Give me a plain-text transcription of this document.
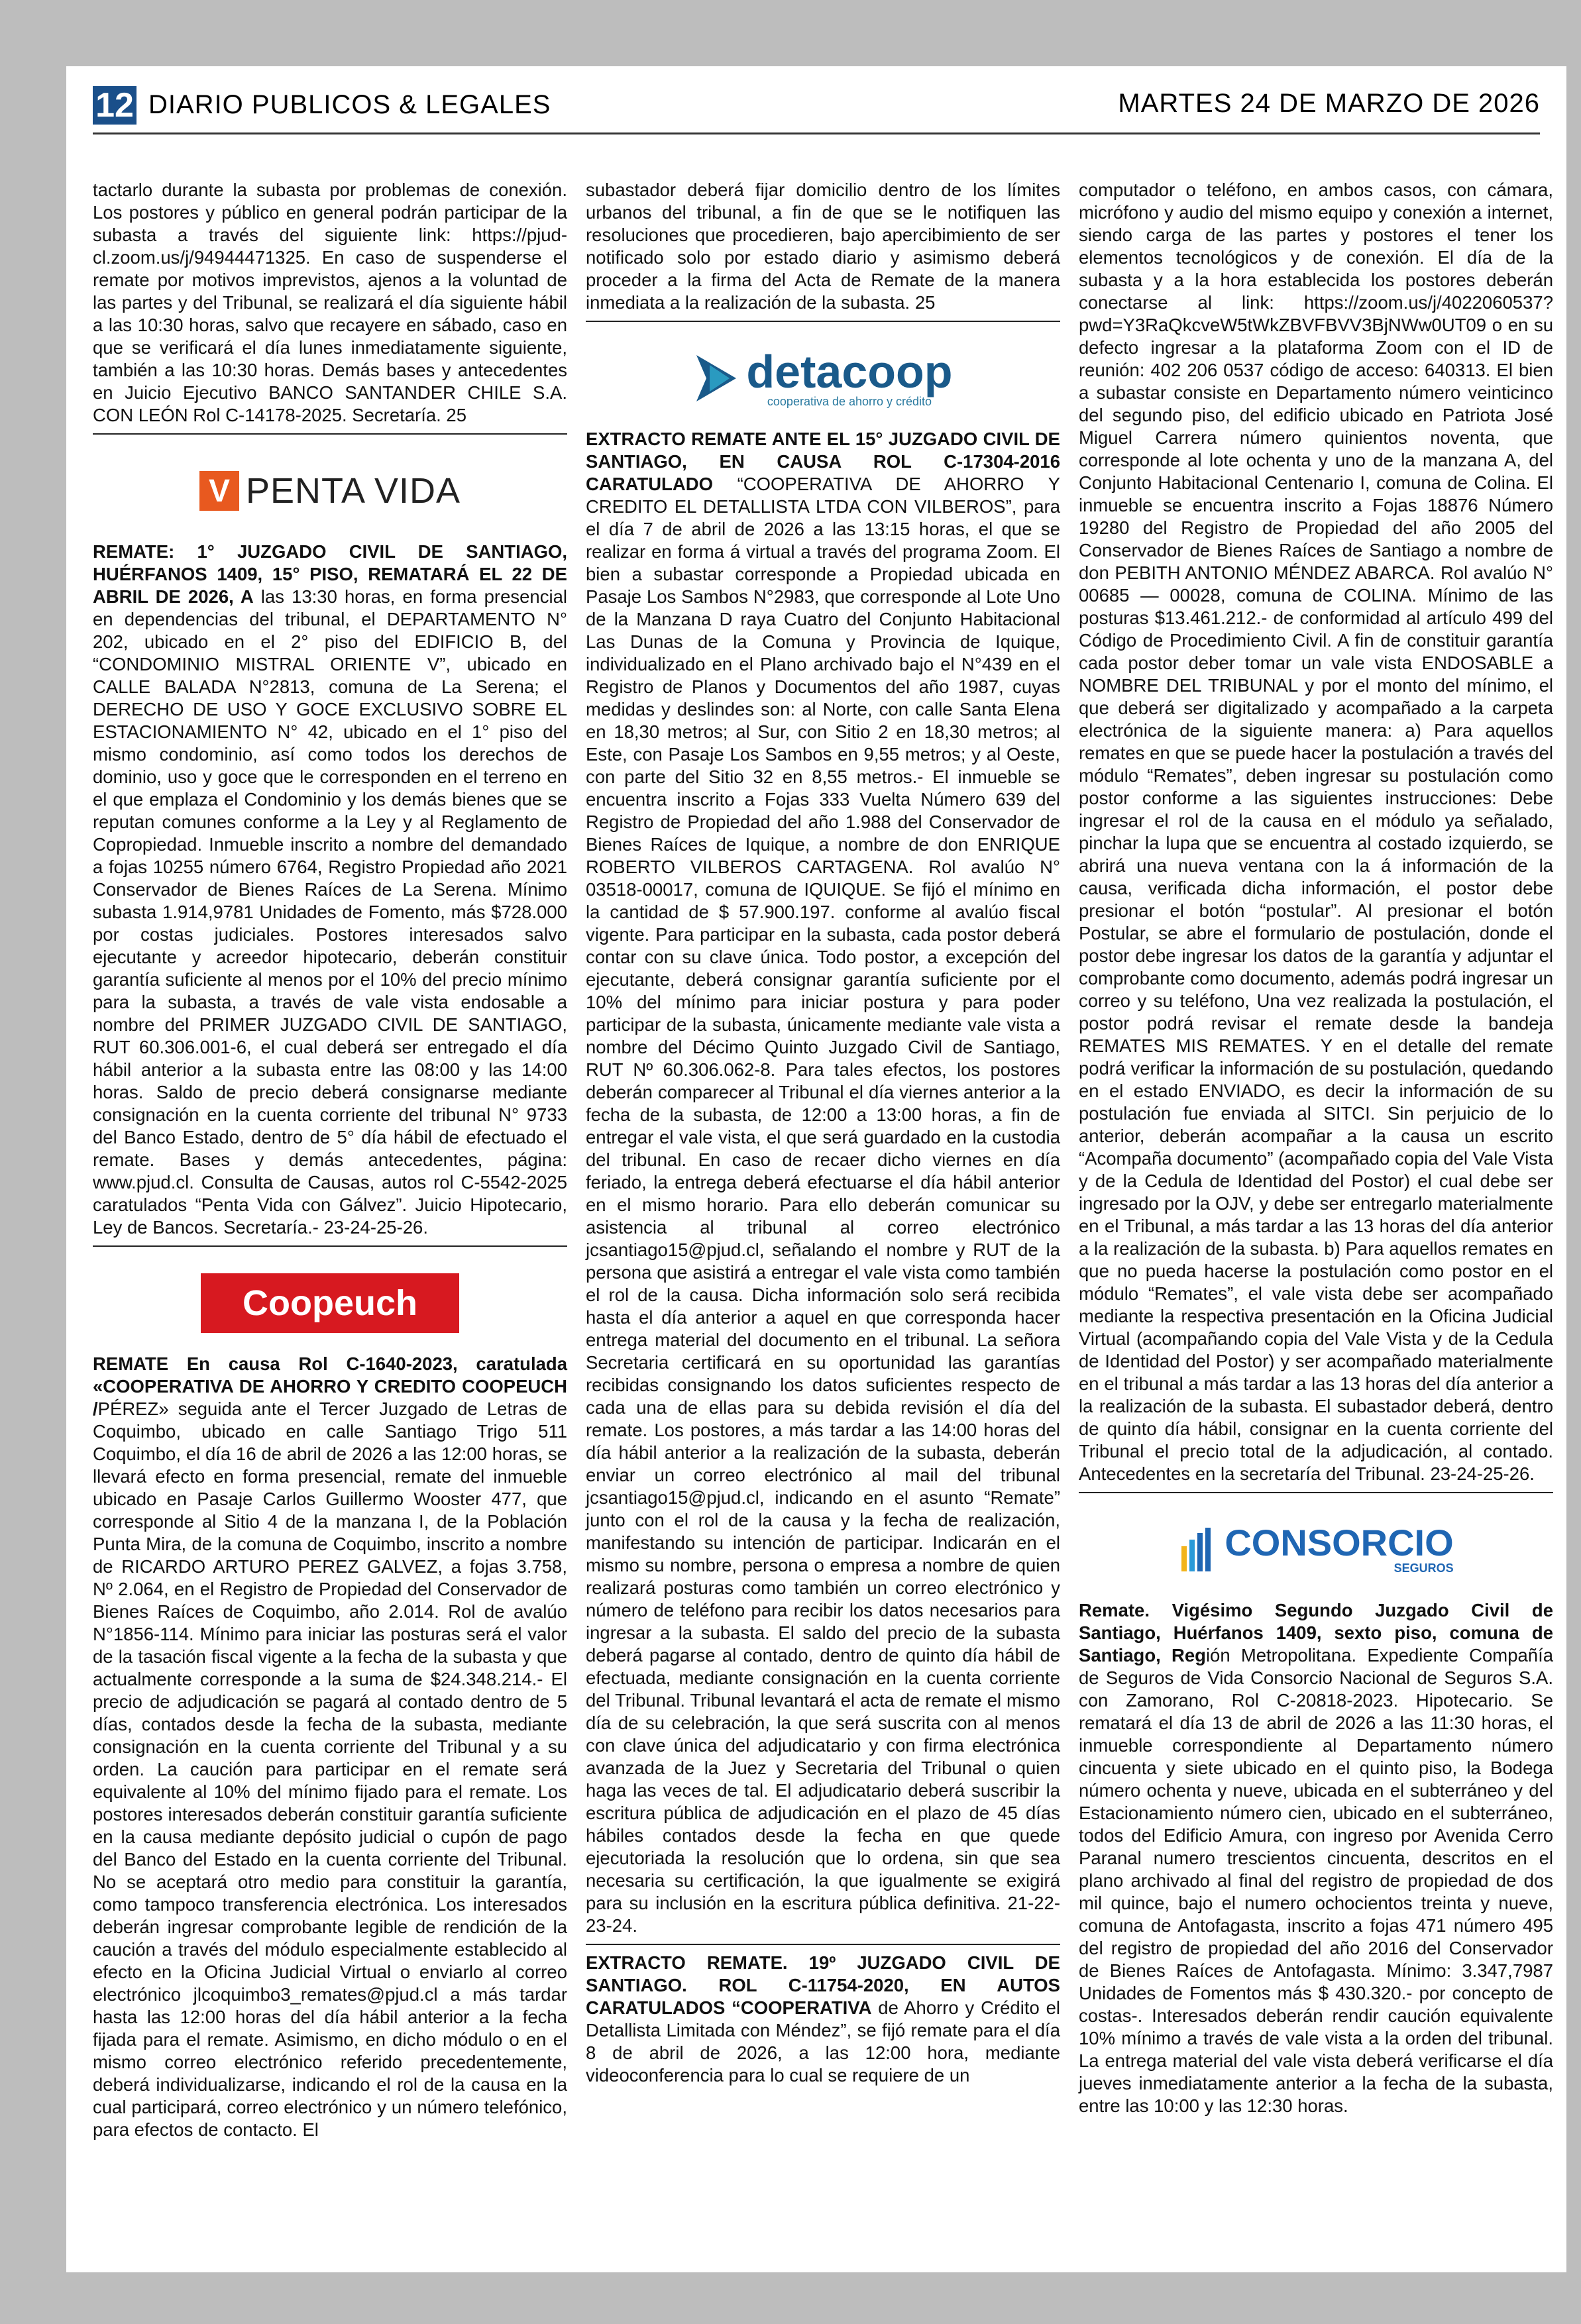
12 DIARIO PUBLICOS & LEGALES	MARTES 24 DE MARZO DE 2026

tactarlo durante la subasta por problemas de conexión. Los postores y público en general podrán participar de la subasta a través del siguiente link: https://pjud-cl.zoom.us/j/94944471325. En caso de suspenderse el remate por motivos imprevistos, ajenos a la voluntad de las partes y del Tribunal, se realizará el día siguiente hábil a las 10:30 horas, salvo que recayere en sábado, caso en que se verificará el día lunes inmediatamente siguiente, también a las 10:30 horas. Demás bases y antecedentes en Juicio Ejecutivo BANCO SANTANDER CHILE S.A. CON LEÓN Rol C-14178-2025. Secretaría. 25

V PENTA VIDA

REMATE: 1° JUZGADO CIVIL DE SANTIAGO, HUÉRFANOS 1409, 15° PISO, REMATARÁ EL 22 DE ABRIL DE 2026, A las 13:30 horas, en forma presencial en dependencias del tribunal, el DEPARTAMENTO N° 202, ubicado en el 2° piso del EDIFICIO B, del “CONDOMINIO MISTRAL ORIENTE V”, ubicado en CALLE BALADA N°2813, comuna de La Serena; el DERECHO DE USO Y GOCE EXCLUSIVO SOBRE EL ESTACIONAMIENTO N° 42, ubicado en el 1° piso del mismo condominio, así como todos los derechos de dominio, uso y goce que le corresponden en el terreno en el que emplaza el Condominio y los demás bienes que se reputan comunes conforme a la Ley y al Reglamento de Copropiedad. Inmueble inscrito a nombre del demandado a fojas 10255 número 6764, Registro Propiedad año 2021 Conservador de Bienes Raíces de La Serena. Mínimo subasta 1.914,9781 Unidades de Fomento, más $728.000 por costas judiciales. Postores interesados salvo ejecutante y acreedor hipotecario, deberán constituir garantía suficiente al menos por el 10% del precio mínimo para la subasta, a través de vale vista endosable a nombre del PRIMER JUZGADO CIVIL DE SANTIAGO, RUT 60.306.001-6, el cual deberá ser entregado el día hábil anterior a la subasta entre las 08:00 y las 14:00 horas. Saldo de precio deberá consignarse mediante consignación en la cuenta corriente del tribunal N° 9733 del Banco Estado, dentro de 5° día hábil de efectuado el remate. Bases y demás antecedentes, página: www.pjud.cl. Consulta de Causas, autos rol C-5542-2025 caratulados “Penta Vida con Gálvez”. Juicio Hipotecario, Ley de Bancos. Secretaría.- 23-24-25-26.

Coopeuch

REMATE En causa Rol C-1640-2023, caratulada «COOPERATIVA DE AHORRO Y CREDITO COOPEUCH /PÉREZ» seguida ante el Tercer Juzgado de Letras de Coquimbo, ubicado en calle Santiago Trigo 511 Coquimbo, el día 16 de abril de 2026 a las 12:00 horas, se llevará efecto en forma presencial, remate del inmueble ubicado en Pasaje Carlos Guillermo Wooster 477, que corresponde al Sitio 4 de la manzana I, de la Población Punta Mira, de la comuna de Coquimbo, inscrito a nombre de RICARDO ARTURO PEREZ GALVEZ, a fojas 3.758, Nº 2.064, en el Registro de Propiedad del Conservador de Bienes Raíces de Coquimbo, año 2.014. Rol de avalúo N°1856-114. Mínimo para iniciar las posturas será el valor de la tasación fiscal vigente a la fecha de la subasta y que actualmente corresponde a la suma de $24.348.214.- El precio de adjudicación se pagará al contado dentro de 5 días, contados desde la fecha de la subasta, mediante consignación en la cuenta corriente del Tribunal y a su orden. La caución para participar en el remate será equivalente al 10% del mínimo fijado para el remate. Los postores interesados deberán constituir garantía suficiente en la causa mediante depósito judicial o cupón de pago del Banco del Estado en la cuenta corriente del Tribunal. No se aceptará otro medio para constituir la garantía, como tampoco transferencia electrónica. Los interesados deberán ingresar comprobante legible de rendición de la caución a través del módulo especialmente establecido al efecto en la Oficina Judicial Virtual o enviarlo al correo electrónico jlcoquimbo3_remates@pjud.cl a más tardar hasta las 12:00 horas del día hábil anterior a la fecha fijada para el remate. Asimismo, en dicho módulo o en el mismo correo electrónico referido precedentemente, deberá individualizarse, indicando el rol de la causa en la cual participará, correo electrónico y un número telefónico, para efectos de contacto. El

subastador deberá fijar domicilio dentro de los límites urbanos del tribunal, a fin de que se le notifiquen las resoluciones que procedieren, bajo apercibimiento de ser notificado solo por estado diario y asimismo deberá proceder a la firma del Acta de Remate de la manera inmediata a la realización de la subasta. 25

detacoop
cooperativa de ahorro y crédito

EXTRACTO REMATE ANTE EL 15° JUZGADO CIVIL DE SANTIAGO, EN CAUSA ROL C-17304-2016 CARATULADO “COOPERATIVA DE AHORRO Y CREDITO EL DETALLISTA LTDA CON VILBEROS”, para el día 7 de abril de 2026 a las 13:15 horas, el que se realizar en forma á virtual a través del programa Zoom. El bien a subastar corresponde a Propiedad ubicada en Pasaje Los Sambos N°2983, que corresponde al Lote Uno de la Manzana D raya Cuatro del Conjunto Habitacional Las Dunas de la Comuna y Provincia de Iquique, individualizado en el Plano archivado bajo el N°439 en el Registro de Planos y Documentos del año 1987, cuyas medidas y deslindes son: al Norte, con calle Santa Elena en 18,30 metros; al Sur, con Sitio 2 en 18,30 metros; al Este, con Pasaje Los Sambos en 9,55 metros; y al Oeste, con parte del Sitio 32 en 8,55 metros.- El inmueble se encuentra inscrito a Fojas 333 Vuelta Número 639 del Registro de Propiedad del año 1.988 del Conservador de Bienes Raíces de Iquique, a nombre de don ENRIQUE ROBERTO VILBEROS CARTAGENA. Rol avalúo N° 03518-00017, comuna de IQUIQUE. Se fijó el mínimo en la cantidad de $ 57.900.197. conforme al avalúo fiscal vigente. Para participar en la subasta, cada postor deberá contar con su clave única. Todo postor, a excepción del ejecutante, deberá consignar garantía suficiente por el 10% del mínimo para iniciar postura y para poder participar de la subasta, únicamente mediante vale vista a nombre del Décimo Quinto Juzgado Civil de Santiago, RUT Nº 60.306.062-8. Para tales efectos, los postores deberán comparecer al Tribunal el día viernes anterior a la fecha de la subasta, de 12:00 a 13:00 horas, a fin de entregar el vale vista, el que será guardado en la custodia del tribunal. En caso de recaer dicho viernes en día feriado, la entrega deberá efectuarse el día hábil anterior en el mismo horario. Para ello deberán comunicar su asistencia al tribunal al correo electrónico jcsantiago15@pjud.cl, señalando el nombre y RUT de la persona que asistirá a entregar el vale vista como también el rol de la causa. Dicha información solo será recibida hasta el día anterior a aquel en que corresponda hacer entrega material del documento en el tribunal. La señora Secretaria certificará en su oportunidad las garantías recibidas consignando los datos suficientes respecto de cada una de ellas para su debida revisión el día del remate. Los postores, a más tardar a las 14:00 horas del día hábil anterior a la realización de la subasta, deberán enviar un correo electrónico al mail del tribunal jcsantiago15@pjud.cl, indicando en el asunto “Remate” junto con el rol de la causa y la fecha de realización, manifestando su intención de participar. Indicarán en el mismo su nombre, persona o empresa a nombre de quien realizará posturas como también un correo electrónico y número de teléfono para recibir los datos necesarios para ingresar a la subasta. El saldo del precio de la subasta deberá pagarse al contado, dentro de quinto día hábil de efectuada, mediante consignación en la cuenta corriente del Tribunal. Tribunal levantará el acta de remate el mismo día de su celebración, la que será suscrita con al menos con clave única del adjudicatario y con firma electrónica avanzada de la Juez y Secretaria del Tribunal o quien haga las veces de tal. El adjudicatario deberá suscribir la escritura pública de adjudicación en el plazo de 45 días hábiles contados desde la fecha en que quede ejecutoriada la resolución que lo ordena, sin que sea necesaria su certificación, la que igualmente se exigirá para su inclusión en la escritura pública definitiva. 21-22-23-24.

EXTRACTO REMATE. 19º JUZGADO CIVIL DE SANTIAGO. ROL C-11754-2020, EN AUTOS CARATULADOS “COOPERATIVA de Ahorro y Crédito el Detallista Limitada con Méndez”, se fijó remate para el día 8 de abril de 2026, a las 12:00 hora, mediante videoconferencia para lo cual se requiere de un

computador o teléfono, en ambos casos, con cámara, micrófono y audio del mismo equipo y conexión a internet, siendo carga de las partes y postores el tener los elementos tecnológicos y de conexión. El día de la subasta y a la hora establecida los postores deberán conectarse al link: https://zoom.us/j/4022060537?pwd=Y3RaQkcveW5tWkZBVFBVV3BjNWw0UT09 o en su defecto ingresar a la plataforma Zoom con el ID de reunión: 402 206 0537 código de acceso: 640313. El bien a subastar consiste en Departamento número veinticinco del segundo piso, del edificio ubicado en Patriota José Miguel Carrera número quinientos noventa, que corresponde al lote ochenta y uno de la manzana A, del Conjunto Habitacional Centenario I, comuna de Colina. El inmueble se encuentra inscrito a Fojas 18876 Número 19280 del Registro de Propiedad del año 2005 del Conservador de Bienes Raíces de Santiago a nombre de don PEBITH ANTONIO MÉNDEZ ABARCA. Rol avalúo N° 00685 — 00028, comuna de COLINA. Mínimo de las posturas $13.461.212.- de conformidad al artículo 499 del Código de Procedimiento Civil. A fin de constituir garantía cada postor deber tomar un vale vista ENDOSABLE a NOMBRE DEL TRIBUNAL y por el monto del mínimo, el que deberá ser digitalizado y acompañado a la carpeta electrónica de la siguiente manera: a) Para aquellos remates en que se puede hacer la postulación a través del módulo “Remates”, deben ingresar su postulación como postor conforme a las siguientes instrucciones: Debe ingresar el rol de la causa en el módulo ya señalado, pinchar la lupa que se encuentra al costado izquierdo, se abrirá una nueva ventana con la á información de la causa, verificada dicha información, el postor debe presionar el botón “postular”. Al presionar el botón Postular, se abre el formulario de postulación, donde el postor debe ingresar los datos de la garantía y adjuntar el comprobante como documento, además podrá ingresar un correo y su teléfono, Una vez realizada la postulación, el postor podrá revisar el remate desde la bandeja REMATES MIS REMATES. Y en el detalle del remate podrá verificar la información de su postulación, quedando en el estado ENVIADO, es decir la información de su postulación fue enviada al SITCI. Sin perjuicio de lo anterior, deberán acompañar a la causa un escrito “Acompaña documento” (acompañado copia del Vale Vista y de la Cedula de Identidad del Postor) el cual debe ser ingresado por la OJV, y debe ser entregarlo materialmente en el Tribunal, a más tardar a las 13 horas del día anterior a la realización de la subasta. b) Para aquellos remates en que no pueda hacerse la postulación como postor en el módulo “Remates”, el vale vista debe ser acompañado mediante la respectiva presentación en la Oficina Judicial Virtual (acompañando copia del Vale Vista y de la Cedula de Identidad del Postor) y ser acompañado materialmente en el tribunal a más tardar a las 13 horas del día anterior a la realización de la subasta. El subastador deberá, dentro de quinto día hábil, consignar en la cuenta corriente del Tribunal el precio total de la adjudicación, al contado. Antecedentes en la secretaría del Tribunal. 23-24-25-26.

CONSORCIO
SEGUROS

Remate. Vigésimo Segundo Juzgado Civil de Santiago, Huérfanos 1409, sexto piso, comuna de Santiago, Región Metropolitana. Expediente Compañía de Seguros de Vida Consorcio Nacional de Seguros S.A. con Zamorano, Rol C-20818-2023. Hipotecario. Se rematará el día 13 de abril de 2026 a las 11:30 horas, el inmueble correspondiente al Departamento número cincuenta y siete ubicado en el quinto piso, la Bodega número ochenta y nueve, ubicada en el subterráneo y del Estacionamiento número cien, ubicado en el subterráneo, todos del Edificio Amura, con ingreso por Avenida Cerro Paranal numero trescientos cincuenta, descritos en el plano archivado al final del registro de propiedad de dos mil quince, bajo el numero ochocientos treinta y nueve, comuna de Antofagasta, inscrito a fojas 471 número 495 del registro de propiedad del año 2016 del Conservador de Bienes Raíces de Antofagasta. Mínimo: 3.347,7987 Unidades de Fomentos más $ 430.320.- por concepto de costas-. Interesados deberán rendir caución equivalente 10% mínimo a través de vale vista a la orden del tribunal. La entrega material del vale vista deberá verificarse el día jueves inmediatamente anterior a la fecha de la subasta, entre las 10:00 y las 12:30 horas.
